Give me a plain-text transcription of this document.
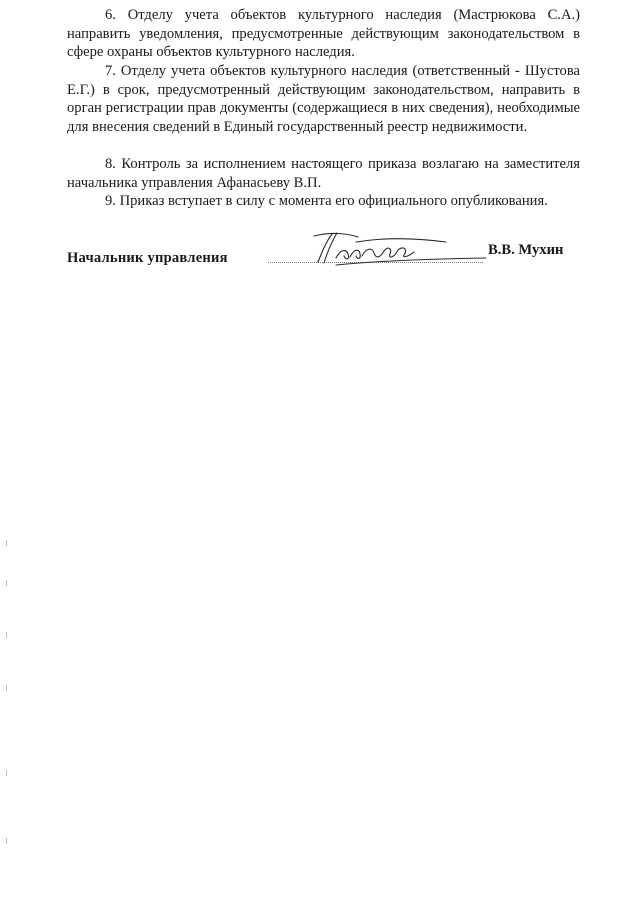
6. Отделу учета объектов культурного наследия (Мастрюкова С.А.) направить уведомления, предусмотренные действующим законодательством в сфере охраны объектов культурного наследия.

7. Отделу учета объектов культурного наследия (ответственный - Шустова Е.Г.) в срок, предусмотренный действующим законодательством, направить в орган регистрации прав документы (содержащиеся в них сведения), необходимые для внесения сведений в Единый государственный реестр недвижимости.

8. Контроль за исполнением настоящего приказа возлагаю на заместителя начальника управления Афанасьеву В.П.

9. Приказ вступает в силу с момента его официального опубликования.

Начальник управления	В.В. Мухин
